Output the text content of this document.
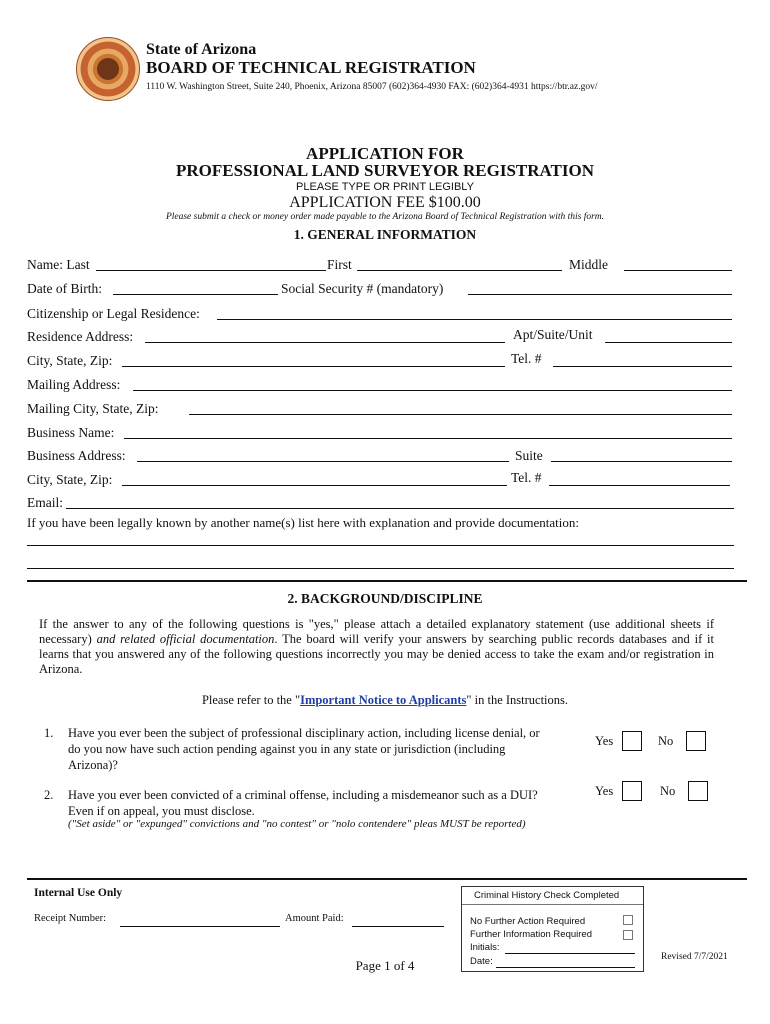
State of Arizona
BOARD OF TECHNICAL REGISTRATION
1110 W. Washington Street, Suite 240, Phoenix, Arizona 85007 (602)364-4930 FAX: (602)364-4931 https://btr.az.gov/
APPLICATION FOR
PROFESSIONAL LAND SURVEYOR REGISTRATION
PLEASE TYPE OR PRINT LEGIBLY
APPLICATION FEE $100.00
Please submit a check or money order made payable to the Arizona Board of Technical Registration with this form.
1. GENERAL INFORMATION
Name: Last	First	Middle
Date of Birth:	Social Security # (mandatory)
Citizenship or Legal Residence:
Residence Address:	Apt/Suite/Unit
City, State, Zip:	Tel. #
Mailing Address:
Mailing City, State, Zip:
Business Name:
Business Address:	Suite
City, State, Zip:	Tel. #
Email:
If you have been legally known by another name(s) list here with explanation and provide documentation:
2. BACKGROUND/DISCIPLINE
If the answer to any of the following questions is "yes," please attach a detailed explanatory statement (use additional sheets if necessary) and related official documentation. The board will verify your answers by searching public records databases and if it learns that you answered any of the following questions incorrectly you may be denied access to take the exam and/or registration in Arizona.
Please refer to the "Important Notice to Applicants" in the Instructions.
1. Have you ever been the subject of professional disciplinary action, including license denial, or do you now have such action pending against you in any state or jurisdiction (including Arizona)?
Yes	No
2. Have you ever been convicted of a criminal offense, including a misdemeanor such as a DUI? Even if on appeal, you must disclose.
("Set aside" or "expunged" convictions and "no contest" or "nolo contendere" pleas MUST be reported)
Yes	No
Internal Use Only
Receipt Number:	Amount Paid:
Page 1 of 4
Criminal History Check Completed
No Further Action Required
Further Information Required
Initials:
Date:	Revised 7/7/2021
